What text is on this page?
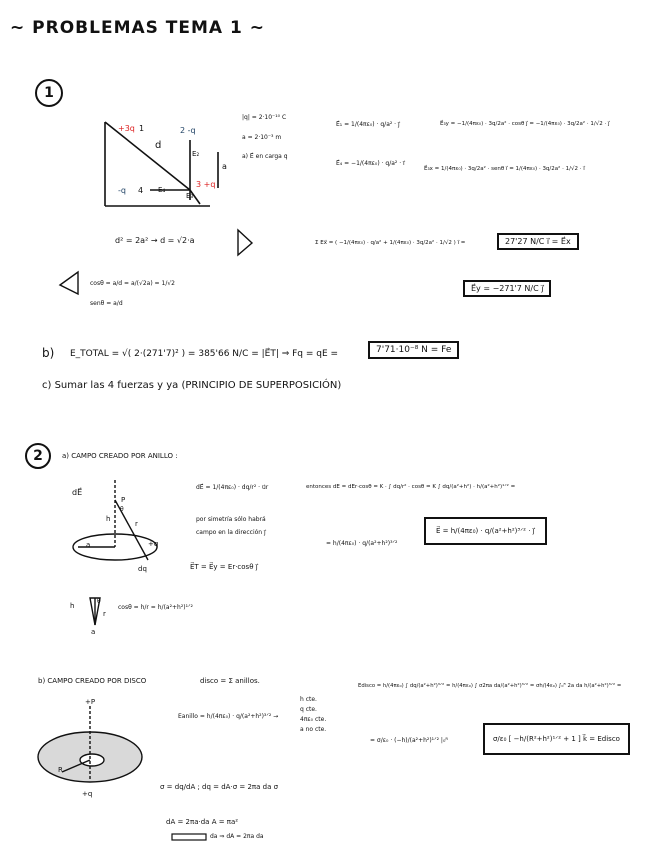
~ PROBLEMAS TEMA 1 ~
1
+3q 1	2 -q
-q 4
3 +q
d
a
E₂
E₄
E₃
|q| = 2·10⁻¹⁰ C
a = 2·10⁻³ m
a) E⃗ en carga q
E⃗₁ = 1/(4πε₀) · q/a² · j⃗	E⃗₃y = −1/(4πε₀) · 3q/2a² · cosθ j⃗ = −1/(4πε₀) · 3q/2a² · 1/√2 · j⃗
E⃗₄ = −1/(4πε₀) · q/a² · i⃗
E⃗₃x = 1/(4πε₀) · 3q/2a² · senθ i⃗ = 1/(4πε₀) · 3q/2a² · 1/√2 · i⃗
d² = 2a² → d = √2·a	Σ Ex⃗ = ( −1/(4πε₀) · q/a² + 1/(4πε₀) · 3q/2a² · 1/√2 ) i⃗ =	27'27 N/C i⃗ = E⃗x
cosθ = a/d = a/(√2a) = 1/√2
senθ = a/d
E⃗y = −271'7 N/C j⃗
b) E_TOTAL = √( 2·(271'7)² ) = 385'66 N/C = |E⃗T| ⇒ Fq = qE =	7'71·10⁻⁸ N = Fe
c) Sumar las 4 fuerzas y ya (PRINCIPIO DE SUPERPOSICIÓN)
2	a) CAMPO CREADO POR ANILLO :
dE⃗
P
h
r
θ
a	+q
dq
dE⃗ = 1/(4πε₀) · dq/r² · u⃗r	entonces dE = dEr·cosθ = K · ∫ dq/r² · cosθ = K ∫ dq/(a²+h²) · h/(a²+h²)¹ᐟ² =
por simetría sólo habrá
campo en la dirección j⃗
= h/(4πε₀) · q/(a²+h²)³ᐟ²
E⃗ = h/(4πε₀) · q/(a²+h²)³ᐟ² · j⃗
E⃗T = E⃗y = Er·cosθ j⃗
h
θ
r
a
cosθ = h/r = h/(a²+h²)¹ᐟ²
b) CAMPO CREADO POR DISCO	disco = Σ anillos.
Edisco = h/(4πε₀) ∫ dq/(a²+h²)³ᐟ² = h/(4πε₀) ∫ σ2πa da/(a²+h²)³ᐟ² = σh/(4ε₀) ∫₀ᴿ 2a da h/(a²+h²)³ᐟ² =
+P
R
+q
Eanillo = h/(4πε₀) · q/(a²+h²)³ᐟ² →
h cte.
q cte.
4πε₀ cte.
a no cte.
= σ/ε₀ · (−h)/(a²+h²)¹ᐟ² |₀ᴿ	σ/ε₀ [ −h/(R²+h²)¹ᐟ² + 1 ] k⃗ = Edisco
σ = dq/dA ; dq = dA·σ = 2πa da σ
dA = 2πa·da A = πa²
da ⇒ dA = 2πa da
